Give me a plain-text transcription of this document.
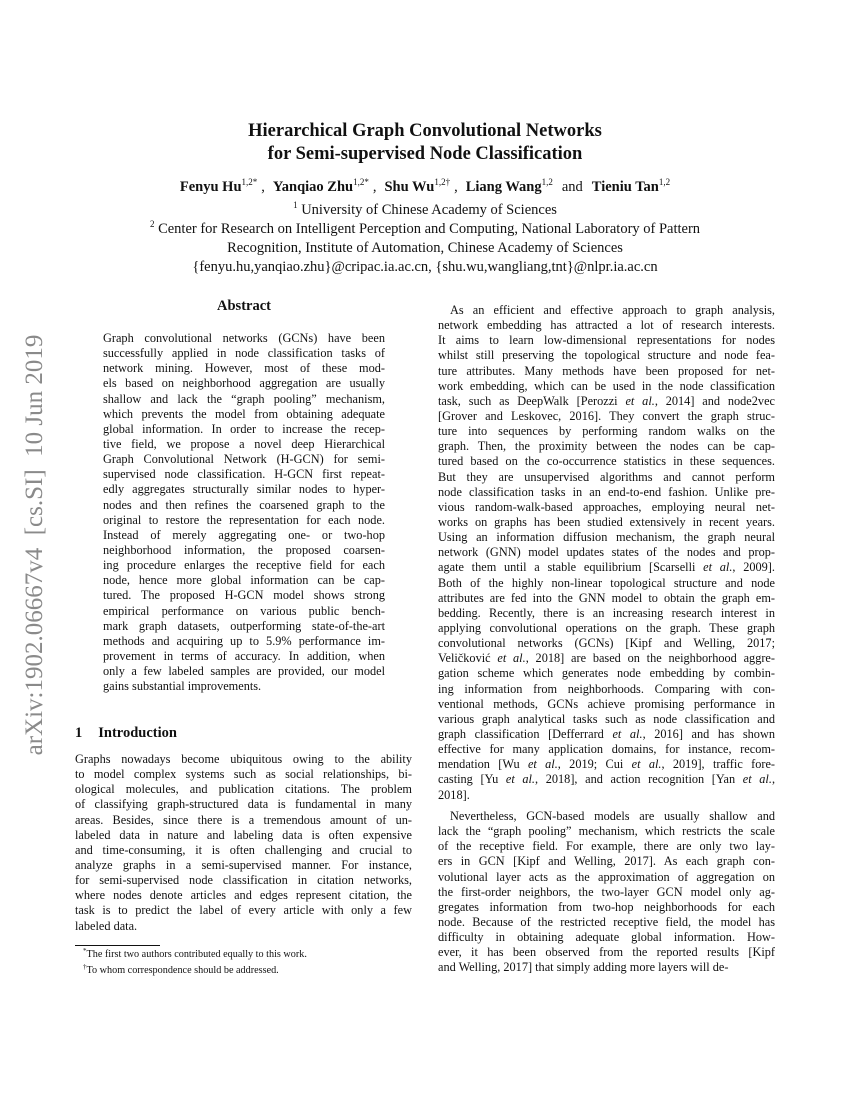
arXiv:1902.06667v4  [cs.SI]  10 Jun 2019
Hierarchical Graph Convolutional Networks
for Semi-supervised Node Classification
Fenyu $Hu^{1,2*}$ , Yanqiao Zhu$^{1,2*}$ , Shu $Wu^{1,2\dagger}$ , Liang Wang$^{1,2}$ and Tieniu Tan$^{1,2}$
$^1$ University of Chinese Academy of Sciences
$^2$ Center for Research on Intelligent Perception and Computing, National Laboratory of Pattern
Recognition, Institute of Automation, Chinese Academy of Sciences
{fenyu.hu,yanqiao.zhu}@cripac.ia.ac.cn, {shu.wu,wangliang,tnt}@nlpr.ia.ac.cn
Abstract
Graph convolutional networks (GCNs) have been
successfully applied in node classification tasks of
network mining. However, most of these mod-
els based on neighborhood aggregation are usually
shallow and lack the “graph pooling” mechanism,
which prevents the model from obtaining adequate
global information. In order to increase the recep-
tive field, we propose a novel deep Hierarchical
Graph Convolutional Network (H-GCN) for semi-
supervised node classification. H-GCN first repeat-
edly aggregates structurally similar nodes to hyper-
nodes and then refines the coarsened graph to the
original to restore the representation for each node.
Instead of merely aggregating one- or two-hop
neighborhood information, the proposed coarsen-
ing procedure enlarges the receptive field for each
node, hence more global information can be cap-
tured. The proposed H-GCN model shows strong
empirical performance on various public bench-
mark graph datasets, outperforming state-of-the-art
methods and acquiring up to 5.9% performance im-
provement in terms of accuracy. In addition, when
only a few labeled samples are provided, our model
gains substantial improvements.
1 Introduction
Graphs nowadays become ubiquitous owing to the ability
to model complex systems such as social relationships, bi-
ological molecules, and publication citations. The problem
of classifying graph-structured data is fundamental in many
areas. Besides, since there is a tremendous amount of un-
labeled data in nature and labeling data is often expensive
and time-consuming, it is often challenging and crucial to
analyze graphs in a semi-supervised manner. For instance,
for semi-supervised node classification in citation networks,
where nodes denote articles and edges represent citation, the
task is to predict the label of every article with only a few
labeled data.
*The first two authors contributed equally to this work.
†To whom correspondence should be addressed.
As an efficient and effective approach to graph analysis,
network embedding has attracted a lot of research interests.
It aims to learn low-dimensional representations for nodes
whilst still preserving the topological structure and node fea-
ture attributes. Many methods have been proposed for net-
work embedding, which can be used in the node classification
task, such as DeepWalk [Perozzi et al., 2014] and node2vec
[Grover and Leskovec, 2016]. They convert the graph struc-
ture into sequences by performing random walks on the
graph. Then, the proximity between the nodes can be cap-
tured based on the co-occurrence statistics in these sequences.
But they are unsupervised algorithms and cannot perform
node classification tasks in an end-to-end fashion. Unlike pre-
vious random-walk-based approaches, employing neural net-
works on graphs has been studied extensively in recent years.
Using an information diffusion mechanism, the graph neural
network (GNN) model updates states of the nodes and prop-
agate them until a stable equilibrium [Scarselli et al., 2009].
Both of the highly non-linear topological structure and node
attributes are fed into the GNN model to obtain the graph em-
bedding. Recently, there is an increasing research interest in
applying convolutional operations on the graph. These graph
convolutional networks (GCNs) [Kipf and Welling, 2017;
Veličković et al., 2018] are based on the neighborhood aggre-
gation scheme which generates node embedding by combin-
ing information from neighborhoods. Comparing with con-
ventional methods, GCNs achieve promising performance in
various graph analytical tasks such as node classification and
graph classification [Defferrard et al., 2016] and has shown
effective for many application domains, for instance, recom-
mendation [Wu et al., 2019; Cui et al., 2019], traffic fore-
casting [Yu et al., 2018], and action recognition [Yan et al.,
2018].
Nevertheless, GCN-based models are usually shallow and
lack the “graph pooling” mechanism, which restricts the scale
of the receptive field. For example, there are only two lay-
ers in GCN [Kipf and Welling, 2017]. As each graph con-
volutional layer acts as the approximation of aggregation on
the first-order neighbors, the two-layer GCN model only ag-
gregates information from two-hop neighborhoods for each
node. Because of the restricted receptive field, the model has
difficulty in obtaining adequate global information. How-
ever, it has been observed from the reported results [Kipf
and Welling, 2017] that simply adding more layers will de-
